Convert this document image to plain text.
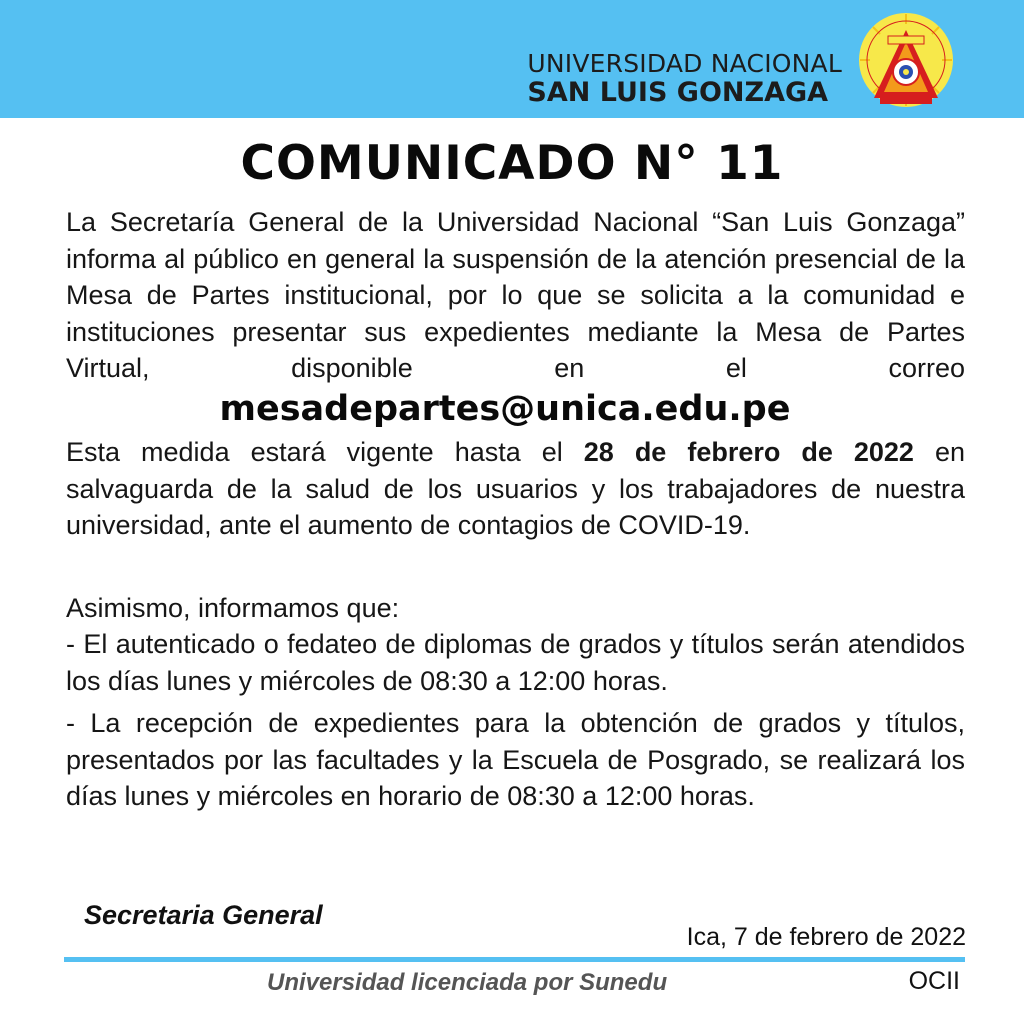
UNIVERSIDAD NACIONAL
SAN LUIS GONZAGA
COMUNICADO N° 11
La Secretaría General de la Universidad Nacional “San Luis Gonzaga” informa al público en general la suspensión de la atención presencial de la Mesa de Partes institucional, por lo que se solicita a la comunidad e instituciones presentar sus expedientes mediante la Mesa de Partes Virtual, disponible en el correo
mesadepartes@unica.edu.pe
Esta medida estará vigente hasta el 28 de febrero de 2022 en salvaguarda de la salud de los usuarios y los trabajadores de nuestra universidad, ante el aumento de contagios de COVID-19.
Asimismo, informamos que:
- El autenticado o fedateo de diplomas de grados y títulos serán atendidos los días lunes y miércoles de 08:30 a 12:00 horas.
- La recepción de expedientes para la obtención de grados y títulos, presentados por las facultades y la Escuela de Posgrado, se realizará los días lunes y miércoles en horario de 08:30 a 12:00 horas.
Secretaria General
Ica, 7 de febrero de 2022
Universidad licenciada por Sunedu	OCII
